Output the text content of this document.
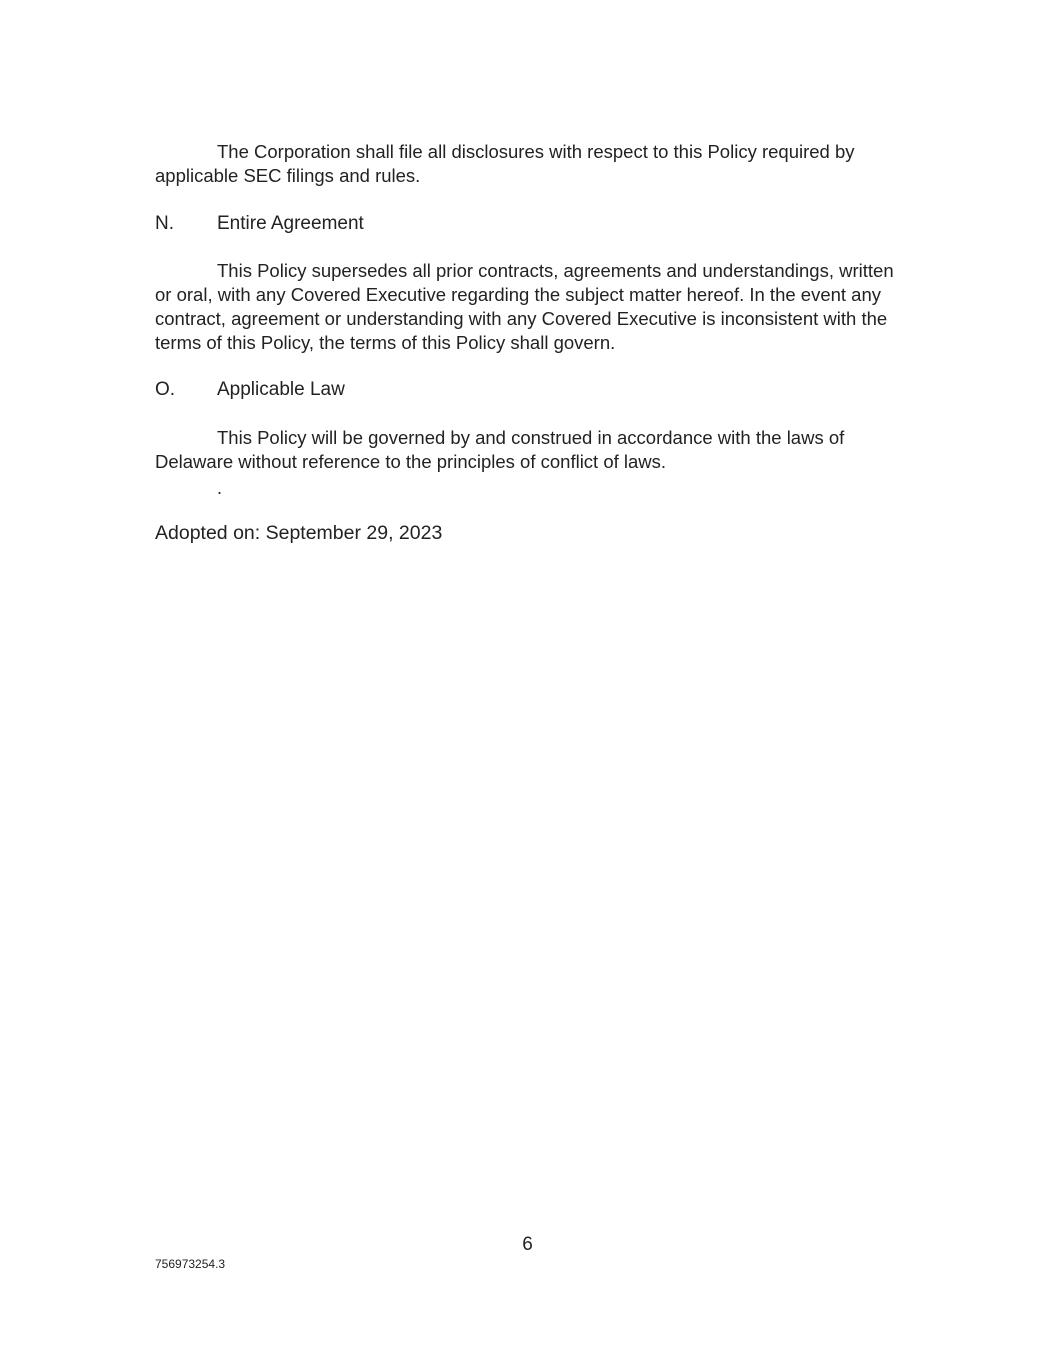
The Corporation shall file all disclosures with respect to this Policy required by
applicable SEC filings and rules.

N. Entire Agreement

This Policy supersedes all prior contracts, agreements and understandings, written
or oral, with any Covered Executive regarding the subject matter hereof. In the event any
contract, agreement or understanding with any Covered Executive is inconsistent with the
terms of this Policy, the terms of this Policy shall govern.

O. Applicable Law

This Policy will be governed by and construed in accordance with the laws of
Delaware without reference to the principles of conflict of laws.

.
Adopted on: September 29, 2023
6
756973254.3
